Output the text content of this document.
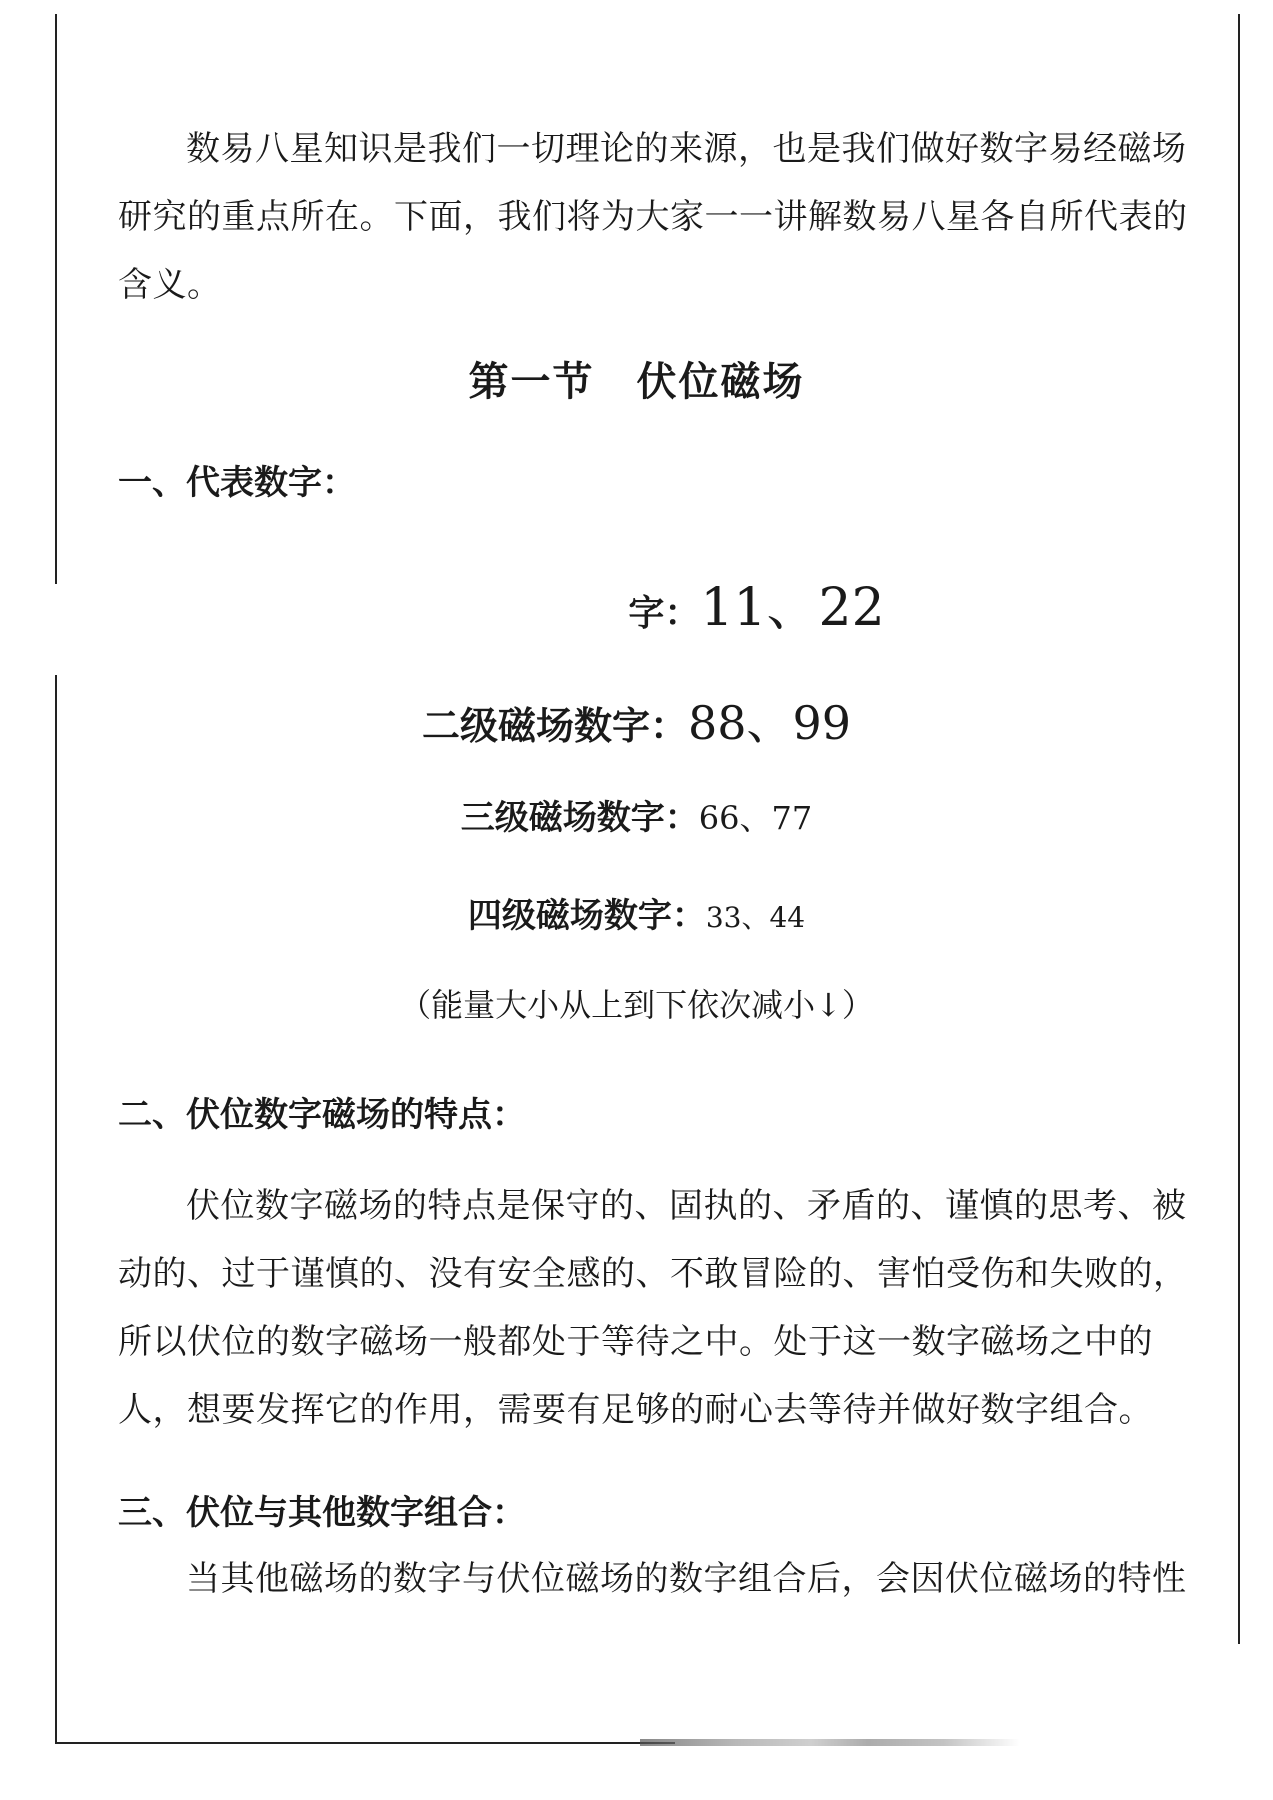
数易八星知识是我们一切理论的来源，也是我们做好数字易经磁场研究的重点所在。下面，我们将为大家一一讲解数易八星各自所代表的含义。

第一节　伏位磁场
一、代表数字：
字：11、22
二级磁场数字：88、99
三级磁场数字：66、77
四级磁场数字：33、44
（能量大小从上到下依次减小↓）
二、伏位数字磁场的特点：

伏位数字磁场的特点是保守的、固执的、矛盾的、谨慎的思考、被动的、过于谨慎的、没有安全感的、不敢冒险的、害怕受伤和失败的，所以伏位的数字磁场一般都处于等待之中。处于这一数字磁场之中的人，想要发挥它的作用，需要有足够的耐心去等待并做好数字组合。

三、伏位与其他数字组合：

当其他磁场的数字与伏位磁场的数字组合后，会因伏位磁场的特性
